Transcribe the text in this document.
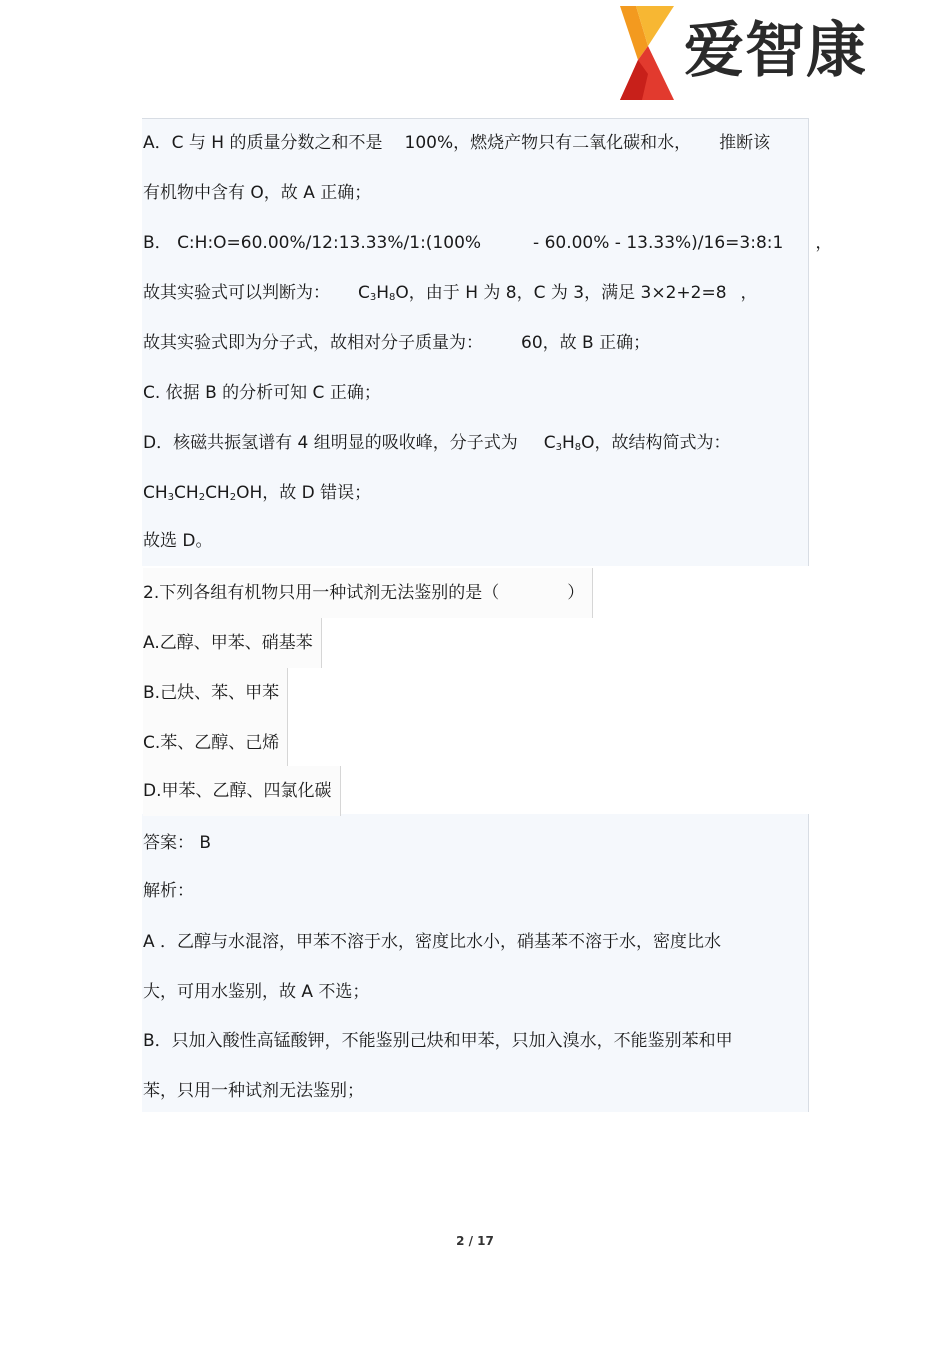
爱智康
A．C 与 H 的质量分数之和不是 100%，燃烧产物只有二氧化碳和水， 推断该
有机物中含有 O，故 A 正确；
B． C:H:O=60.00%/12:13.33%/1:(100%	- 60.00% - 13.33%)/16=3:8:1 ，
故其实验式可以判断为： $C_3H_8O$，由于 H 为 8，C 为 3，满足 3×2+2=8 ，
故其实验式即为分子式，故相对分子质量为： 60，故 B 正确；
C. 依据 B 的分析可知 C 正确；
D．核磁共振氢谱有 4 组明显的吸收峰，分子式为 $C_3H_8O$，故结构简式为：
$CH_3CH_2CH_2OH$，故 D 错误；
故选 D。
2.下列各组有机物只用一种试剂无法鉴别的是（　　　　）
A.乙醇、甲苯、硝基苯
B.己炔、苯、甲苯
C.苯、乙醇、己烯
D.甲苯、乙醇、四氯化碳
答案： B
解析：
A ．乙醇与水混溶，甲苯不溶于水，密度比水小，硝基苯不溶于水，密度比水
大，可用水鉴别，故 A 不选；
B．只加入酸性高锰酸钾，不能鉴别己炔和甲苯，只加入溴水，不能鉴别苯和甲
苯，只用一种试剂无法鉴别；
2 / 17
